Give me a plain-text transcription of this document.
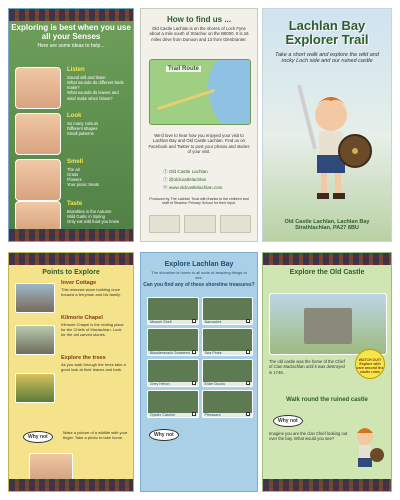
Exploring is best when you use all your Senses
Here are some ideas to help...
Listen
Sound still and listen
What sounds do different birds make?
What sounds do leaves and wind make when blown?
Look
So many colours
Different shapes
Small patterns
Smell
The air
Grass
Flowers
Your picnic treats
Taste
Brambles in the Autumn
Wild Garlic in Spring
Only eat wild food you know
How to find us ...
Old Castle Lachlan is on the shores of Loch Fyne about a mile south of Strachur on the B8000. It is 16 miles drive from Dunoon and 13 from Glenbranter.
Trail Route
We'd love to hear how you enjoyed your visit to Lachlan Bay and Old Castle Lachlan. Find us on Facebook and Twitter to post your photos and stories of your visit.
ⓕ Old Castle Lachlan
ⓣ @oldcastlelachlan
ⓦ www.oldcastlelachlan.com
Produced by The Lachlan Trust with thanks to the children and staff of Strachur Primary School for their input.
Lachlan Bay Explorer Trail
Take a short walk and explore the wild and rocky Loch side and our ruined castle
Old Castle Lachlan, Lachlan Bay Strathlachlan, PA27 8BU
Points to Explore
Inver Cottage
This restored stone building once housed a ferryman and his family.
Kilmorie Chapel
Kilmorie Chapel is the resting place for the Chiefs of Maclachlan. Look for the old carved stones.
Explore the trees
As you walk through the trees take a good look at their leaves and bark.
Why not
Make a picture of a wildlife with your finger. Take a photo to take home.
Explore Lachlan Bay
The shoreline is home to all sorts of amazing things to see.
Can you find any of these shoreline treasures?
Mussel Shell	Barnacles
Bladderwrack Seaweed	Sea Pinks
Grey Heron	Eider Ducks
Oyster Catcher	Pheasant
Why not
Explore the Old Castle
The old castle was the home of the Chief of Clan Maclachlan until it was destroyed in 1746.
WATCH OUT! Explore with care around the castle ruins
Walk round the ruined castle
Why not
Imagine you are the clan Chief looking out over the bay. What would you see?
